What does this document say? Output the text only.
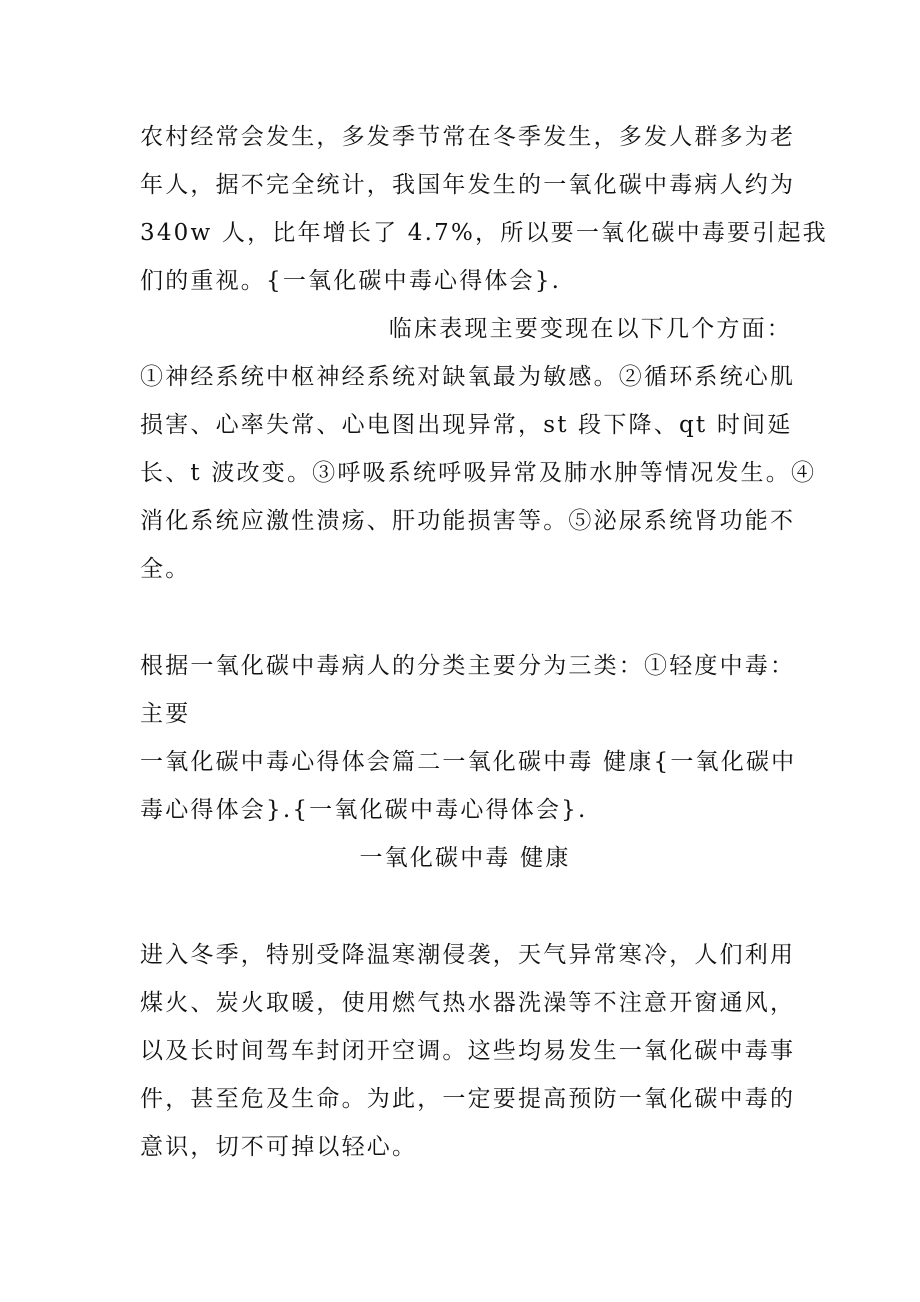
农村经常会发生，多发季节常在冬季发生，多发人群多为老
年人，据不完全统计，我国年发生的一氧化碳中毒病人约为
340w 人，比年增长了 4.7%，所以要一氧化碳中毒要引起我
们的重视。{一氧化碳中毒心得体会}.
临床表现主要变现在以下几个方面：
①神经系统中枢神经系统对缺氧最为敏感。②循环系统心肌
损害、心率失常、心电图出现异常，st 段下降、qt 时间延
长、t 波改变。③呼吸系统呼吸异常及肺水肿等情况发生。④
消化系统应激性溃疡、肝功能损害等。⑤泌尿系统肾功能不
全。
根据一氧化碳中毒病人的分类主要分为三类：①轻度中毒：
主要
一氧化碳中毒心得体会篇二一氧化碳中毒 健康{一氧化碳中
毒心得体会}.{一氧化碳中毒心得体会}.
一氧化碳中毒 健康
进入冬季，特别受降温寒潮侵袭，天气异常寒冷，人们利用
煤火、炭火取暖，使用燃气热水器洗澡等不注意开窗通风，
以及长时间驾车封闭开空调。这些均易发生一氧化碳中毒事
件，甚至危及生命。为此，一定要提高预防一氧化碳中毒的
意识，切不可掉以轻心。
